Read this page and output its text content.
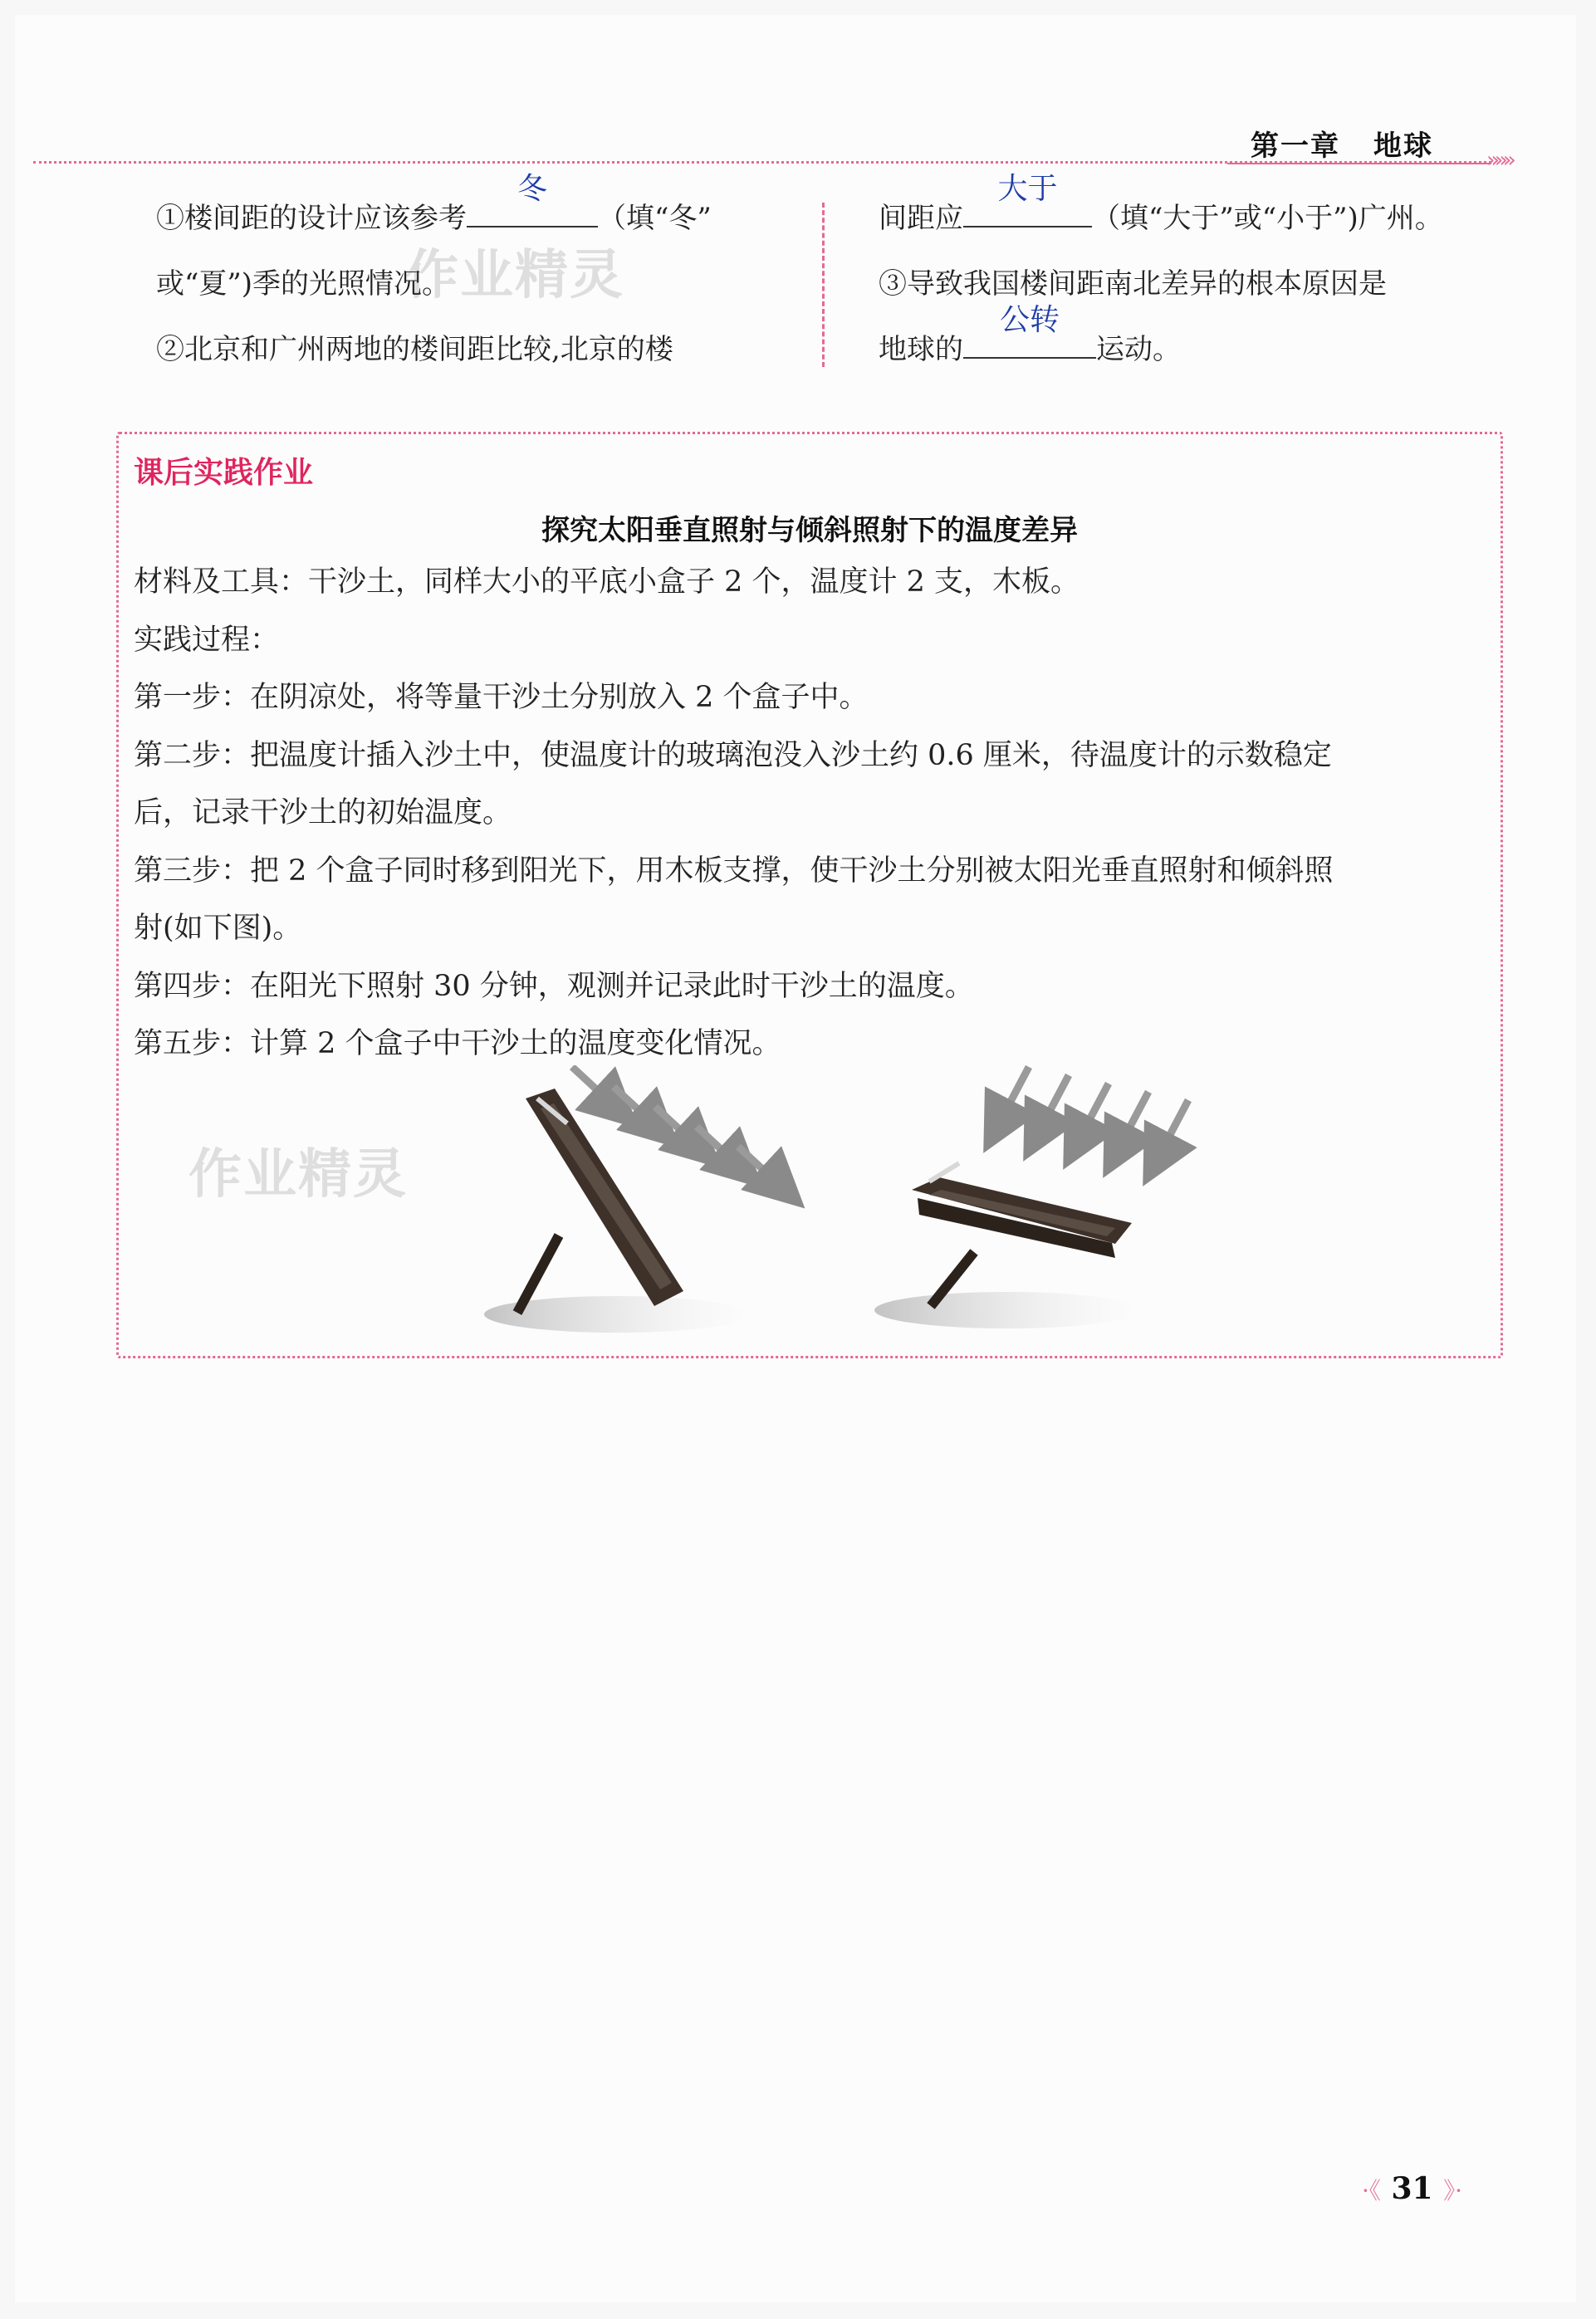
第一章 地球 »»»
①楼间距的设计应该参考
冬
（填“冬”
或“夏”)季的光照情况。
②北京和广州两地的楼间距比较,北京的楼
间距应
大于
（填“大于”或“小于”)广州。
③导致我国楼间距南北差异的根本原因是
地球的
公转
运动。
作业精灵
课后实践作业
探究太阳垂直照射与倾斜照射下的温度差异

材料及工具：干沙土，同样大小的平底小盒子 2 个，温度计 2 支，木板。

实践过程：

第一步：在阴凉处，将等量干沙土分别放入 2 个盒子中。

第二步：把温度计插入沙土中，使温度计的玻璃泡没入沙土约 0.6 厘米，待温度计的示数稳定

后，记录干沙土的初始温度。

第三步：把 2 个盒子同时移到阳光下，用木板支撑，使干沙土分别被太阳光垂直照射和倾斜照

射(如下图)。

第四步：在阳光下照射 30 分钟，观测并记录此时干沙土的温度。

第五步：计算 2 个盒子中干沙土的温度变化情况。

作业精灵
·《 31 》·
